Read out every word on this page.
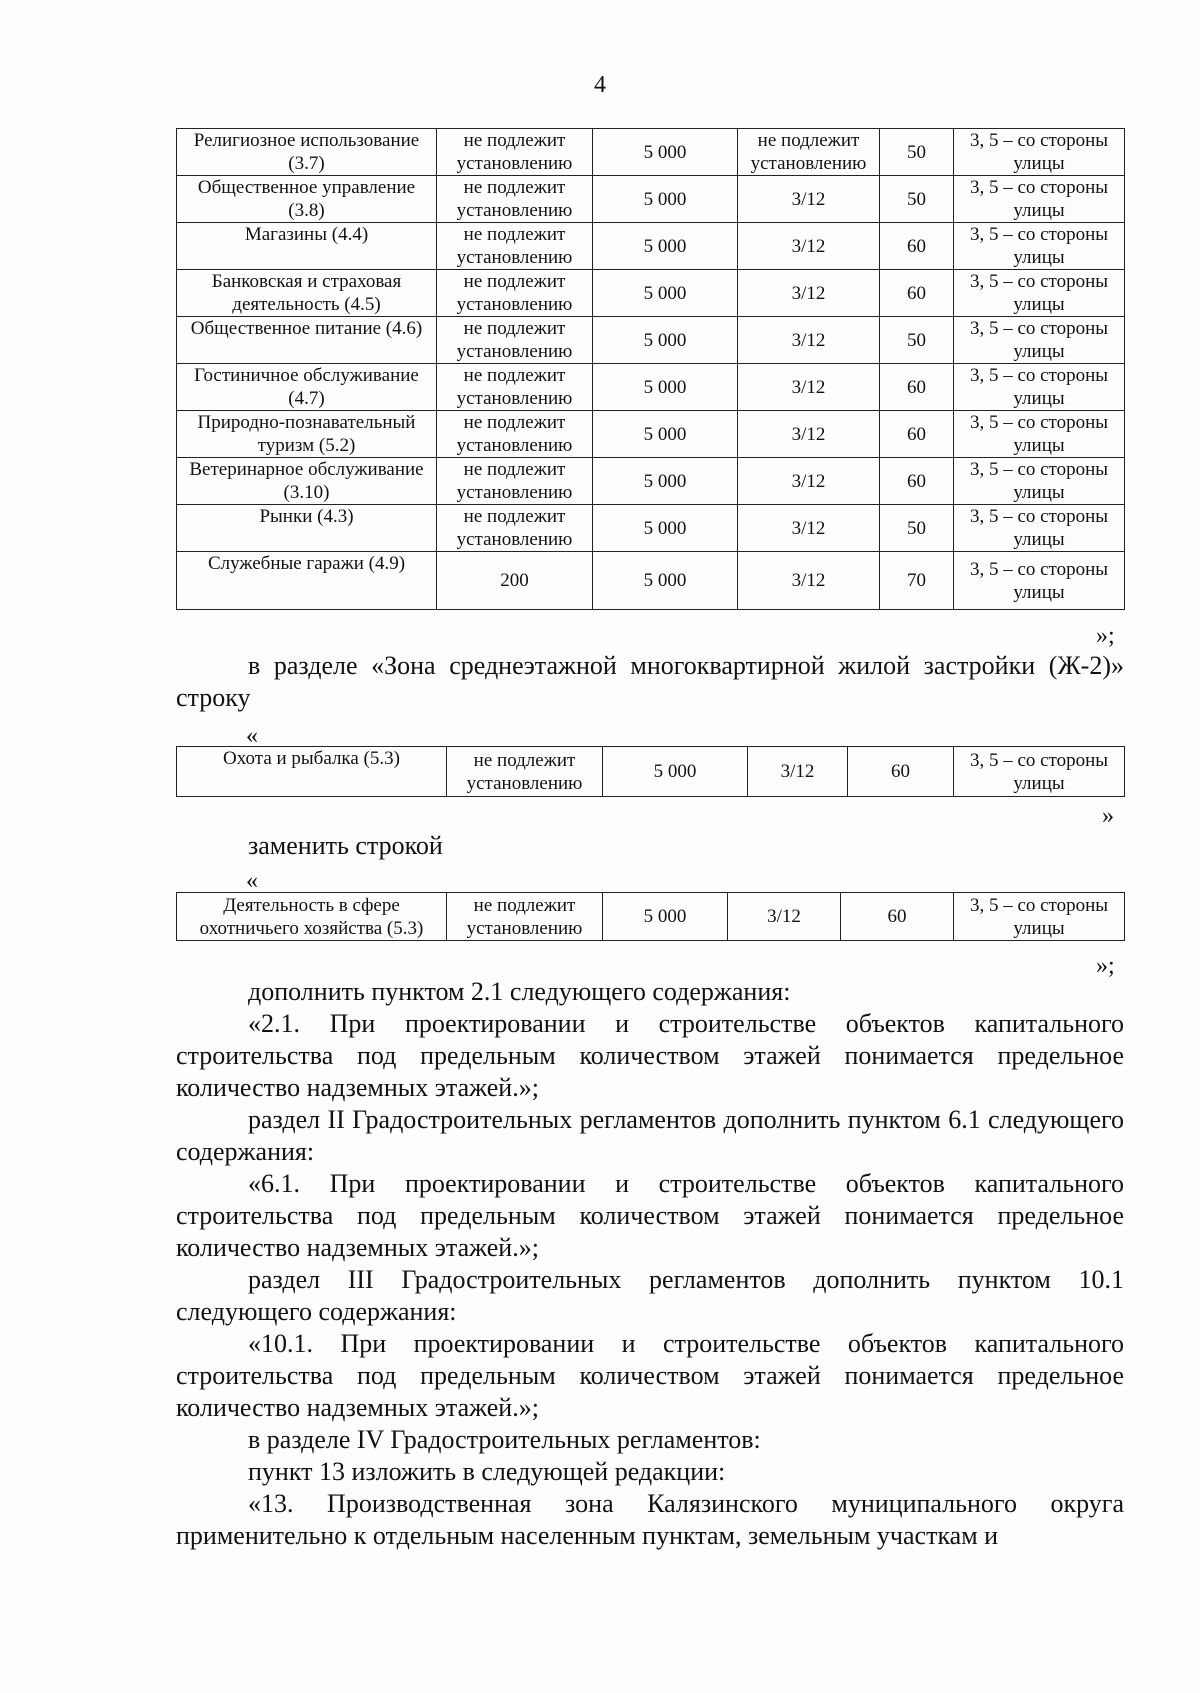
4
Религиозное использование (3.7)	не подлежит установлению	5 000	не подлежит установлению	50	3, 5 – со стороны улицы
Общественное управление (3.8)	не подлежит установлению	5 000	3/12	50	3, 5 – со стороны улицы
Магазины (4.4)	не подлежит установлению	5 000	3/12	60	3, 5 – со стороны улицы
Банковская и страховая деятельность (4.5)	не подлежит установлению	5 000	3/12	60	3, 5 – со стороны улицы
Общественное питание (4.6)	не подлежит установлению	5 000	3/12	50	3, 5 – со стороны улицы
Гостиничное обслуживание (4.7)	не подлежит установлению	5 000	3/12	60	3, 5 – со стороны улицы
Природно-познавательный туризм (5.2)	не подлежит установлению	5 000	3/12	60	3, 5 – со стороны улицы
Ветеринарное обслуживание (3.10)	не подлежит установлению	5 000	3/12	60	3, 5 – со стороны улицы
Рынки (4.3)	не подлежит установлению	5 000	3/12	50	3, 5 – со стороны улицы
Служебные гаражи (4.9)	200	5 000	3/12	70	3, 5 – со стороны улицы
»;

в разделе «Зона среднеэтажной многоквартирной жилой застройки (Ж-2)» строку

«
Охота и рыбалка (5.3)	не подлежит установлению	5 000	3/12	60	3, 5 – со стороны улицы
»

заменить строкой

«
Деятельность в сфере охотничьего хозяйства (5.3)	не подлежит установлению	5 000	3/12	60	3, 5 – со стороны улицы
»;

дополнить пунктом 2.1 следующего содержания:

«2.1. При проектировании и строительстве объектов капитального строительства под предельным количеством этажей понимается предельное количество надземных этажей.»;

раздел II Градостроительных регламентов дополнить пунктом 6.1 следующего содержания:

«6.1. При проектировании и строительстве объектов капитального строительства под предельным количеством этажей понимается предельное количество надземных этажей.»;

раздел III Градостроительных регламентов дополнить пунктом 10.1 следующего содержания:

«10.1. При проектировании и строительстве объектов капитального строительства под предельным количеством этажей понимается предельное количество надземных этажей.»;

в разделе IV Градостроительных регламентов:

пункт 13 изложить в следующей редакции:

«13. Производственная зона Калязинского муниципального округа применительно к отдельным населенным пунктам, земельным участкам и
